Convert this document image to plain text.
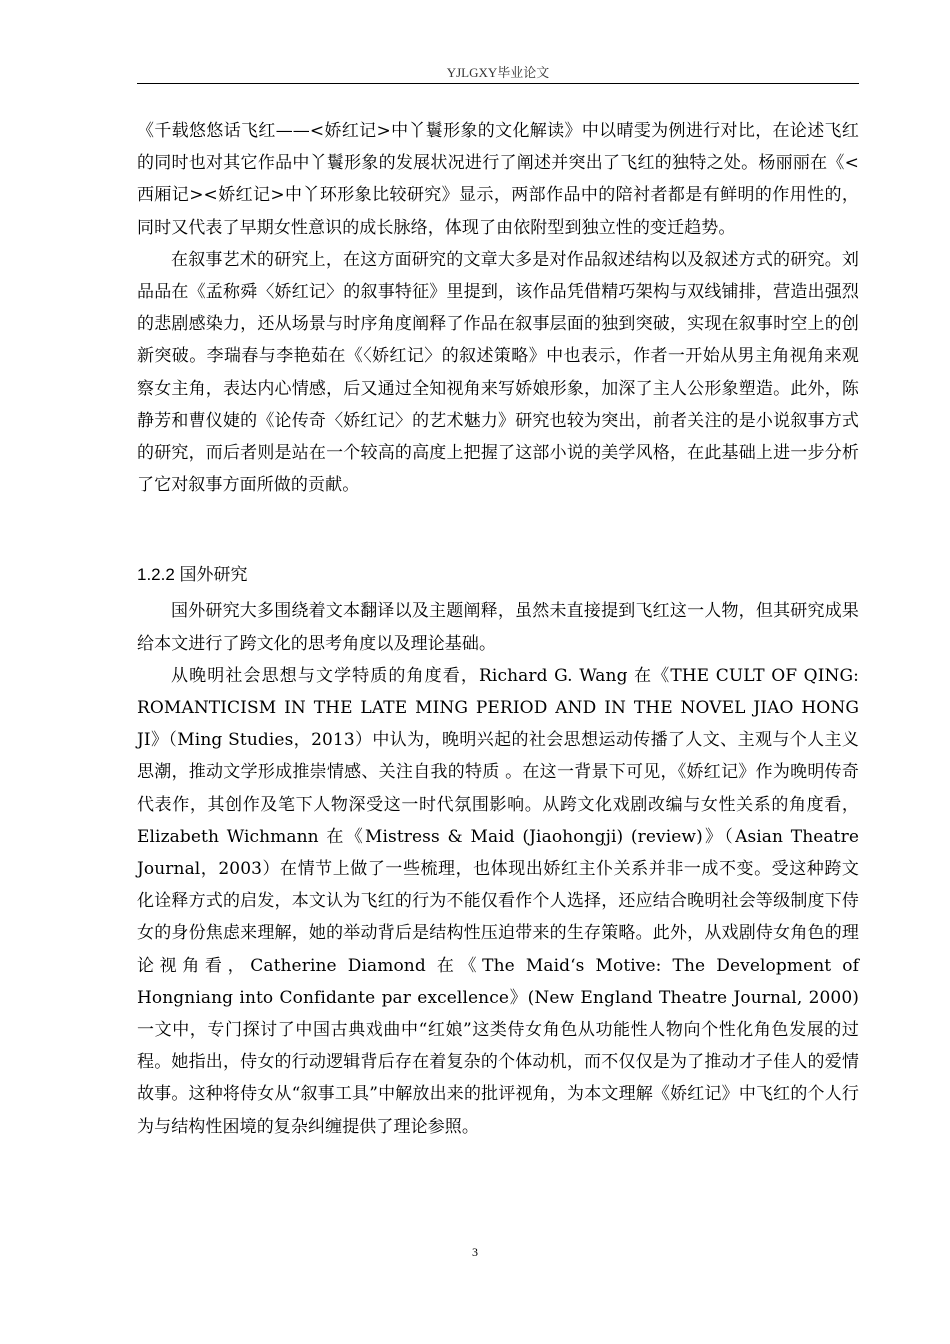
YJLGXY毕业论文

《千载悠悠话飞红——<娇红记>中丫鬟形象的文化解读》中以晴雯为例进行对比，在论述飞红的同时也对其它作品中丫鬟形象的发展状况进行了阐述并突出了飞红的独特之处。杨丽丽在《<西厢记><娇红记>中丫环形象比较研究》显示，两部作品中的陪衬者都是有鲜明的作用性的，同时又代表了早期女性意识的成长脉络，体现了由依附型到独立性的变迁趋势。

在叙事艺术的研究上，在这方面研究的文章大多是对作品叙述结构以及叙述方式的研究。刘品品在《孟称舜〈娇红记〉的叙事特征》里提到，该作品凭借精巧架构与双线铺排，营造出强烈的悲剧感染力，还从场景与时序角度阐释了作品在叙事层面的独到突破，实现在叙事时空上的创新突破。李瑞春与李艳茹在《〈娇红记〉的叙述策略》中也表示，作者一开始从男主角视角来观察女主角，表达内心情感，后又通过全知视角来写娇娘形象，加深了主人公形象塑造。此外，陈静芳和曹仪婕的《论传奇〈娇红记〉的艺术魅力》研究也较为突出，前者关注的是小说叙事方式的研究，而后者则是站在一个较高的高度上把握了这部小说的美学风格，在此基础上进一步分析了它对叙事方面所做的贡献。

1.2.2 国外研究

国外研究大多围绕着文本翻译以及主题阐释，虽然未直接提到飞红这一人物，但其研究成果给本文进行了跨文化的思考角度以及理论基础。

从晚明社会思想与文学特质的角度看，Richard G. Wang 在《THE CULT OF QING: ROMANTICISM IN THE LATE MING PERIOD AND IN THE NOVEL JIAO HONG JI》（Ming Studies，2013）中认为，晚明兴起的社会思想运动传播了人文、主观与个人主义思潮，推动文学形成推崇情感、关注自我的特质 。在这一背景下可见，《娇红记》作为晚明传奇代表作，其创作及笔下人物深受这一时代氛围影响。从跨文化戏剧改编与女性关系的角度看，Elizabeth Wichmann 在《Mistress & Maid (Jiaohongji) (review)》（Asian Theatre Journal，2003）在情节上做了一些梳理，也体现出娇红主仆关系并非一成不变。受这种跨文化诠释方式的启发，本文认为飞红的行为不能仅看作个人选择，还应结合晚明社会等级制度下侍女的身份焦虑来理解，她的举动背后是结构性压迫带来的生存策略。此外，从戏剧侍女角色的理论视角看，Catherine Diamond 在《The Maid‘s Motive: The Development of Hongniang into Confidante par excellence》(New England Theatre Journal, 2000) 一文中，专门探讨了中国古典戏曲中“红娘”这类侍女角色从功能性人物向个性化角色发展的过程。她指出，侍女的行动逻辑背后存在着复杂的个体动机，而不仅仅是为了推动才子佳人的爱情故事。这种将侍女从“叙事工具”中解放出来的批评视角，为本文理解《娇红记》中飞红的个人行为与结构性困境的复杂纠缠提供了理论参照。

3
